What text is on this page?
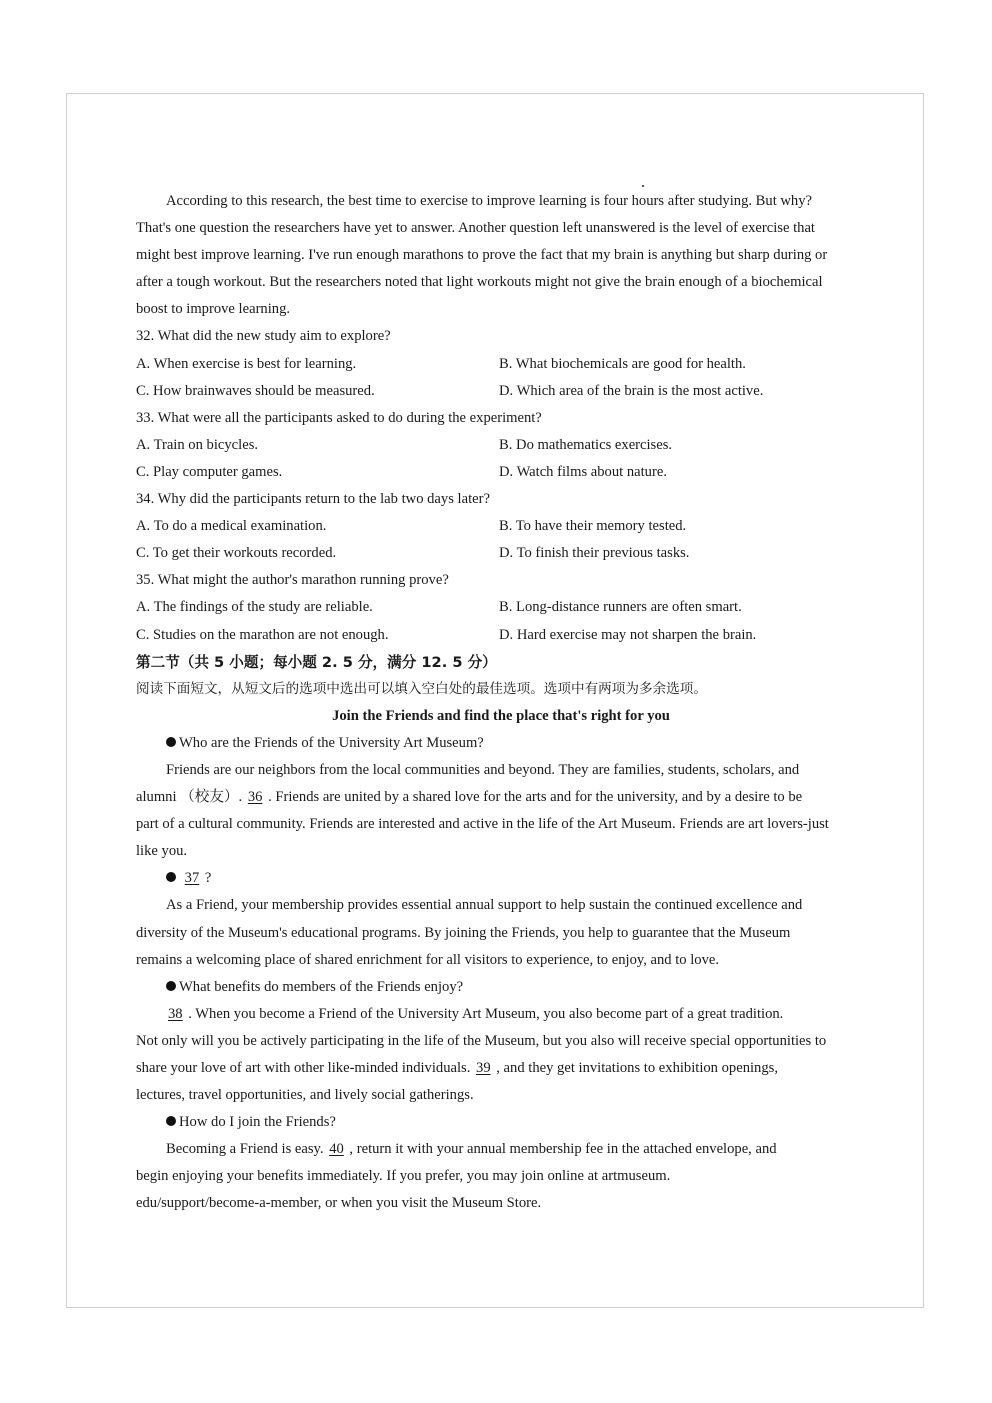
According to this research, the best time to exercise to improve learning is four hours after studying. But why?
That's one question the researchers have yet to answer. Another question left unanswered is the level of exercise that
might best improve learning. I've run enough marathons to prove the fact that my brain is anything but sharp during or
after a tough workout. But the researchers noted that light workouts might not give the brain enough of a biochemical
boost to improve learning.
32. What did the new study aim to explore?
A. When exercise is best for learning.	B. What biochemicals are good for health.
C. How brainwaves should be measured.	D. Which area of the brain is the most active.
33. What were all the participants asked to do during the experiment?
A. Train on bicycles.	B. Do mathematics exercises.
C. Play computer games.	D. Watch films about nature.
34. Why did the participants return to the lab two days later?
A. To do a medical examination.	B. To have their memory tested.
C. To get their workouts recorded.	D. To finish their previous tasks.
35. What might the author's marathon running prove?
A. The findings of the study are reliable.	B. Long-distance runners are often smart.
C. Studies on the marathon are not enough.	D. Hard exercise may not sharpen the brain.
第二节（共 5 小题；每小题 2. 5 分，满分 12. 5 分）
阅读下面短文，从短文后的选项中选出可以填入空白处的最佳选项。选项中有两项为多余选项。
Join the Friends and find the place that's right for you
Who are the Friends of the University Art Museum?
Friends are our neighbors from the local communities and beyond. They are families, students, scholars, and
alumni （校友）. 36 . Friends are united by a shared love for the arts and for the university, and by a desire to be
part of a cultural community. Friends are interested and active in the life of the Art Museum. Friends are art lovers-just
like you.
37 ?
As a Friend, your membership provides essential annual support to help sustain the continued excellence and
diversity of the Museum's educational programs. By joining the Friends, you help to guarantee that the Museum
remains a welcoming place of shared enrichment for all visitors to experience, to enjoy, and to love.
What benefits do members of the Friends enjoy?
38 . When you become a Friend of the University Art Museum, you also become part of a great tradition.
Not only will you be actively participating in the life of the Museum, but you also will receive special opportunities to
share your love of art with other like-minded individuals. 39 , and they get invitations to exhibition openings,
lectures, travel opportunities, and lively social gatherings.
How do I join the Friends?
Becoming a Friend is easy. 40 , return it with your annual membership fee in the attached envelope, and
begin enjoying your benefits immediately. If you prefer, you may join online at artmuseum.
edu/support/become-a-member, or when you visit the Museum Store.
